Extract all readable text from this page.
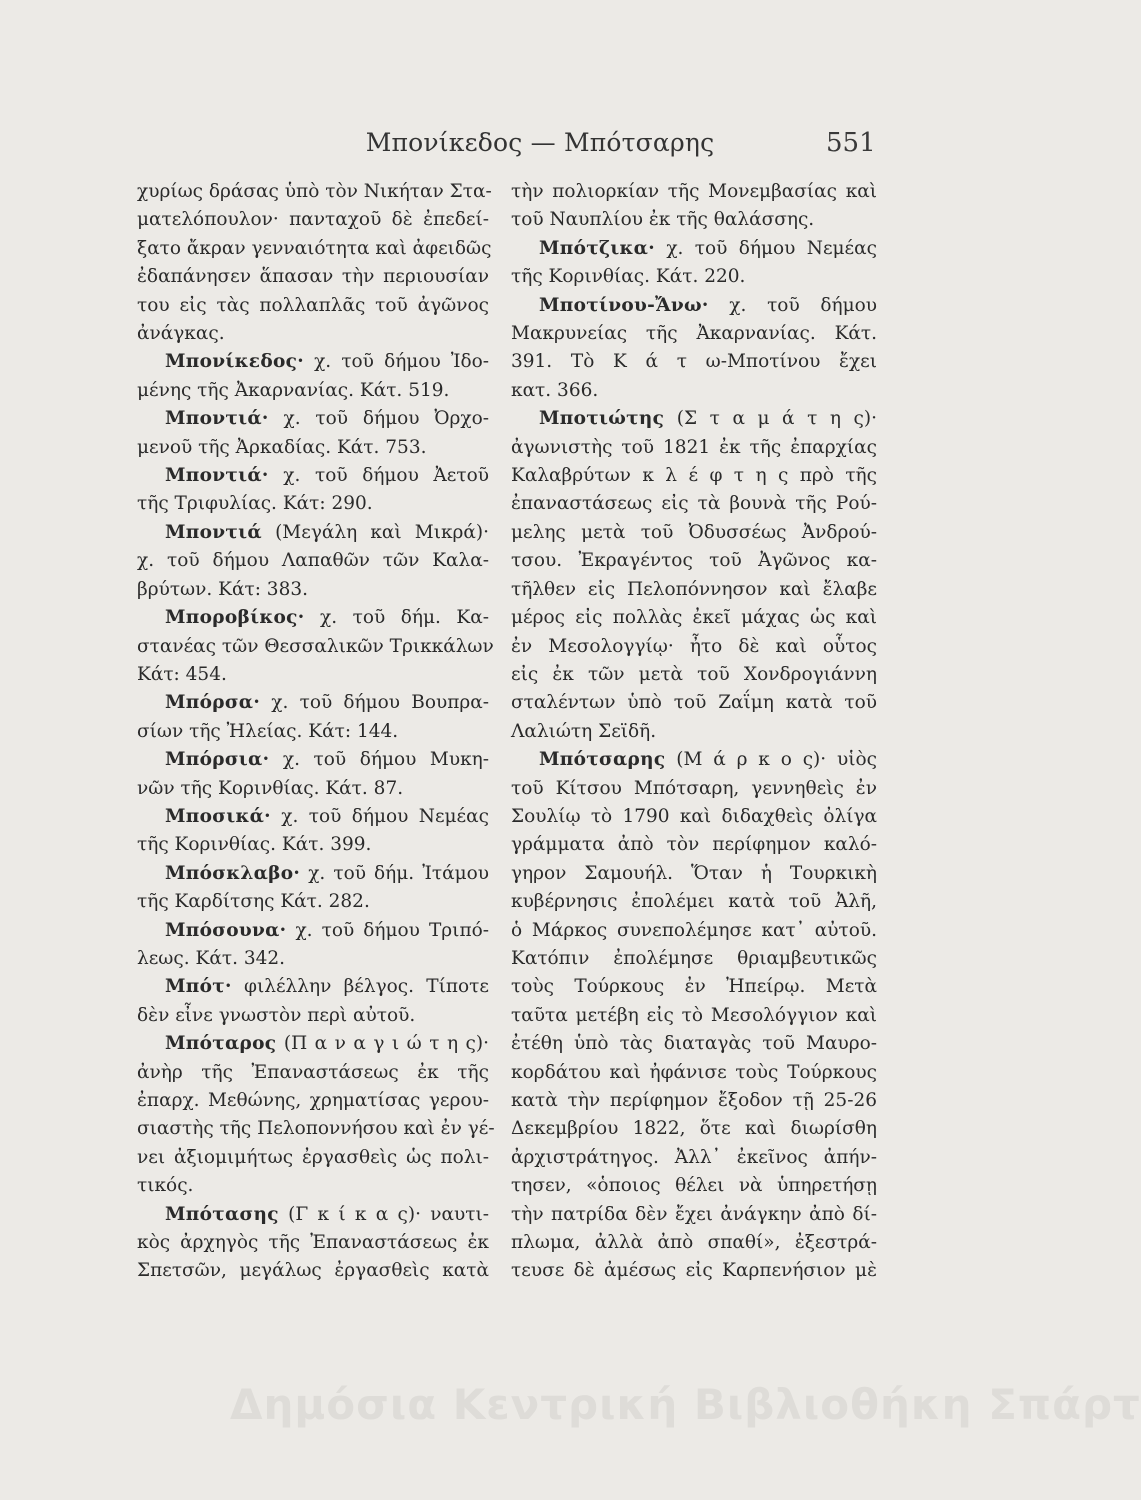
Μπονίκεδος — Μπότσαρης	551
χυρίως δράσας ὑπὸ τὸν Νικήταν Στα-
ματελόπουλον· πανταχοῦ δὲ ἐπεδεί-
ξατο ἄκραν γενναιότητα καὶ ἀφειδῶς
ἐδαπάνησεν ἅπασαν τὴν περιουσίαν
του εἰς τὰς πολλαπλᾶς τοῦ ἀγῶνος
ἀνάγκας.
Μπονίκεδος· χ. τοῦ δήμου Ἰδο-
μένης τῆς Ἀκαρνανίας. Κάτ. 519.
Μποντιά· χ. τοῦ δήμου Ὀρχο-
μενοῦ τῆς Ἀρκαδίας. Κάτ. 753.
Μποντιά· χ. τοῦ δήμου Ἀετοῦ
τῆς Τριφυλίας. Κάτ: 290.
Μποντιά (Μεγάλη καὶ Μικρά)·
χ. τοῦ δήμου Λαπαθῶν τῶν Καλα-
βρύτων. Κάτ: 383.
Μποροβίκος· χ. τοῦ δήμ. Κα-
στανέας τῶν Θεσσαλικῶν Τρικκάλων
Κάτ: 454.
Μπόρσα· χ. τοῦ δήμου Βουπρα-
σίων τῆς Ἠλείας. Κάτ: 144.
Μπόρσια· χ. τοῦ δήμου Μυκη-
νῶν τῆς Κορινθίας. Κάτ. 87.
Μποσικά· χ. τοῦ δήμου Νεμέας
τῆς Κορινθίας. Κάτ. 399.
Μπόσκλαβο· χ. τοῦ δήμ. Ἰτάμου
τῆς Καρδίτσης Κάτ. 282.
Μπόσουνα· χ. τοῦ δήμου Τριπό-
λεως. Κάτ. 342.
Μπότ· φιλέλλην βέλγος. Τίποτε
δὲν εἶνε γνωστὸν περὶ αὐτοῦ.
Μπόταρος (Π α ν α γ ι ώ τ η ς)·
ἀνὴρ τῆς Ἐπαναστάσεως ἐκ τῆς
ἐπαρχ. Μεθώνης, χρηματίσας γερου-
σιαστὴς τῆς Πελοποννήσου καὶ ἐν γέ-
νει ἀξιομιμήτως ἐργασθεὶς ὡς πολι-
τικός.
Μπότασης (Γ κ ί κ α ς)· ναυτι-
κὸς ἀρχηγὸς τῆς Ἐπαναστάσεως ἐκ
Σπετσῶν, μεγάλως ἐργασθεὶς κατὰ
τὴν πολιορκίαν τῆς Μονεμβασίας καὶ
τοῦ Ναυπλίου ἐκ τῆς θαλάσσης.
Μπότζικα· χ. τοῦ δήμου Νεμέας
τῆς Κορινθίας. Κάτ. 220.
Μποτίνου-Ἄνω· χ. τοῦ δήμου
Μακρυνείας τῆς Ἀκαρνανίας. Κάτ.
391. Τὸ Κ ά τ ω-Μποτίνου ἔχει
κατ. 366.
Μποτιώτης (Σ τ α μ ά τ η ς)·
ἀγωνιστὴς τοῦ 1821 ἐκ τῆς ἐπαρχίας
Καλαβρύτων κ λ έ φ τ η ς πρὸ τῆς
ἐπαναστάσεως εἰς τὰ βουνὰ τῆς Ρού-
μελης μετὰ τοῦ Ὀδυσσέως Ἀνδρού-
τσου. Ἐκραγέντος τοῦ Ἀγῶνος κα-
τῆλθεν εἰς Πελοπόννησον καὶ ἔλαβε
μέρος εἰς πολλὰς ἐκεῖ μάχας ὡς καὶ
ἐν Μεσολογγίῳ· ἦτο δὲ καὶ οὗτος
εἰς ἐκ τῶν μετὰ τοῦ Χονδρογιάννη
σταλέντων ὑπὸ τοῦ Ζαΐμη κατὰ τοῦ
Λαλιώτη Σεϊδῆ.
Μπότσαρης (Μ ά ρ κ ο ς)· υἱὸς
τοῦ Κίτσου Μπότσαρη, γεννηθεὶς ἐν
Σουλίῳ τὸ 1790 καὶ διδαχθεὶς ὀλίγα
γράμματα ἀπὸ τὸν περίφημον καλό-
γηρον Σαμουήλ. Ὅταν ἡ Τουρκικὴ
κυβέρνησις ἐπολέμει κατὰ τοῦ Ἀλῆ,
ὁ Μάρκος συνεπολέμησε κατ᾽ αὐτοῦ.
Κατόπιν ἐπολέμησε θριαμβευτικῶς
τοὺς Τούρκους ἐν Ἠπείρῳ. Μετὰ
ταῦτα μετέβη εἰς τὸ Μεσολόγγιον καὶ
ἐτέθη ὑπὸ τὰς διαταγὰς τοῦ Μαυρο-
κορδάτου καὶ ἠφάνισε τοὺς Τούρκους
κατὰ τὴν περίφημον ἔξοδον τῇ 25-26
Δεκεμβρίου 1822, ὅτε καὶ διωρίσθη
ἀρχιστράτηγος. Ἀλλ᾽ ἐκεῖνος ἀπήν-
τησεν, «ὁποιος θέλει νὰ ὑπηρετήσῃ
τὴν πατρίδα δὲν ἔχει ἀνάγκην ἀπὸ δί-
πλωμα, ἀλλὰ ἀπὸ σπαθί», ἐξεστρά-
τευσε δὲ ἀμέσως εἰς Καρπενήσιον μὲ
Δημόσια Κεντρική Βιβλιοθήκη Σπάρτ
